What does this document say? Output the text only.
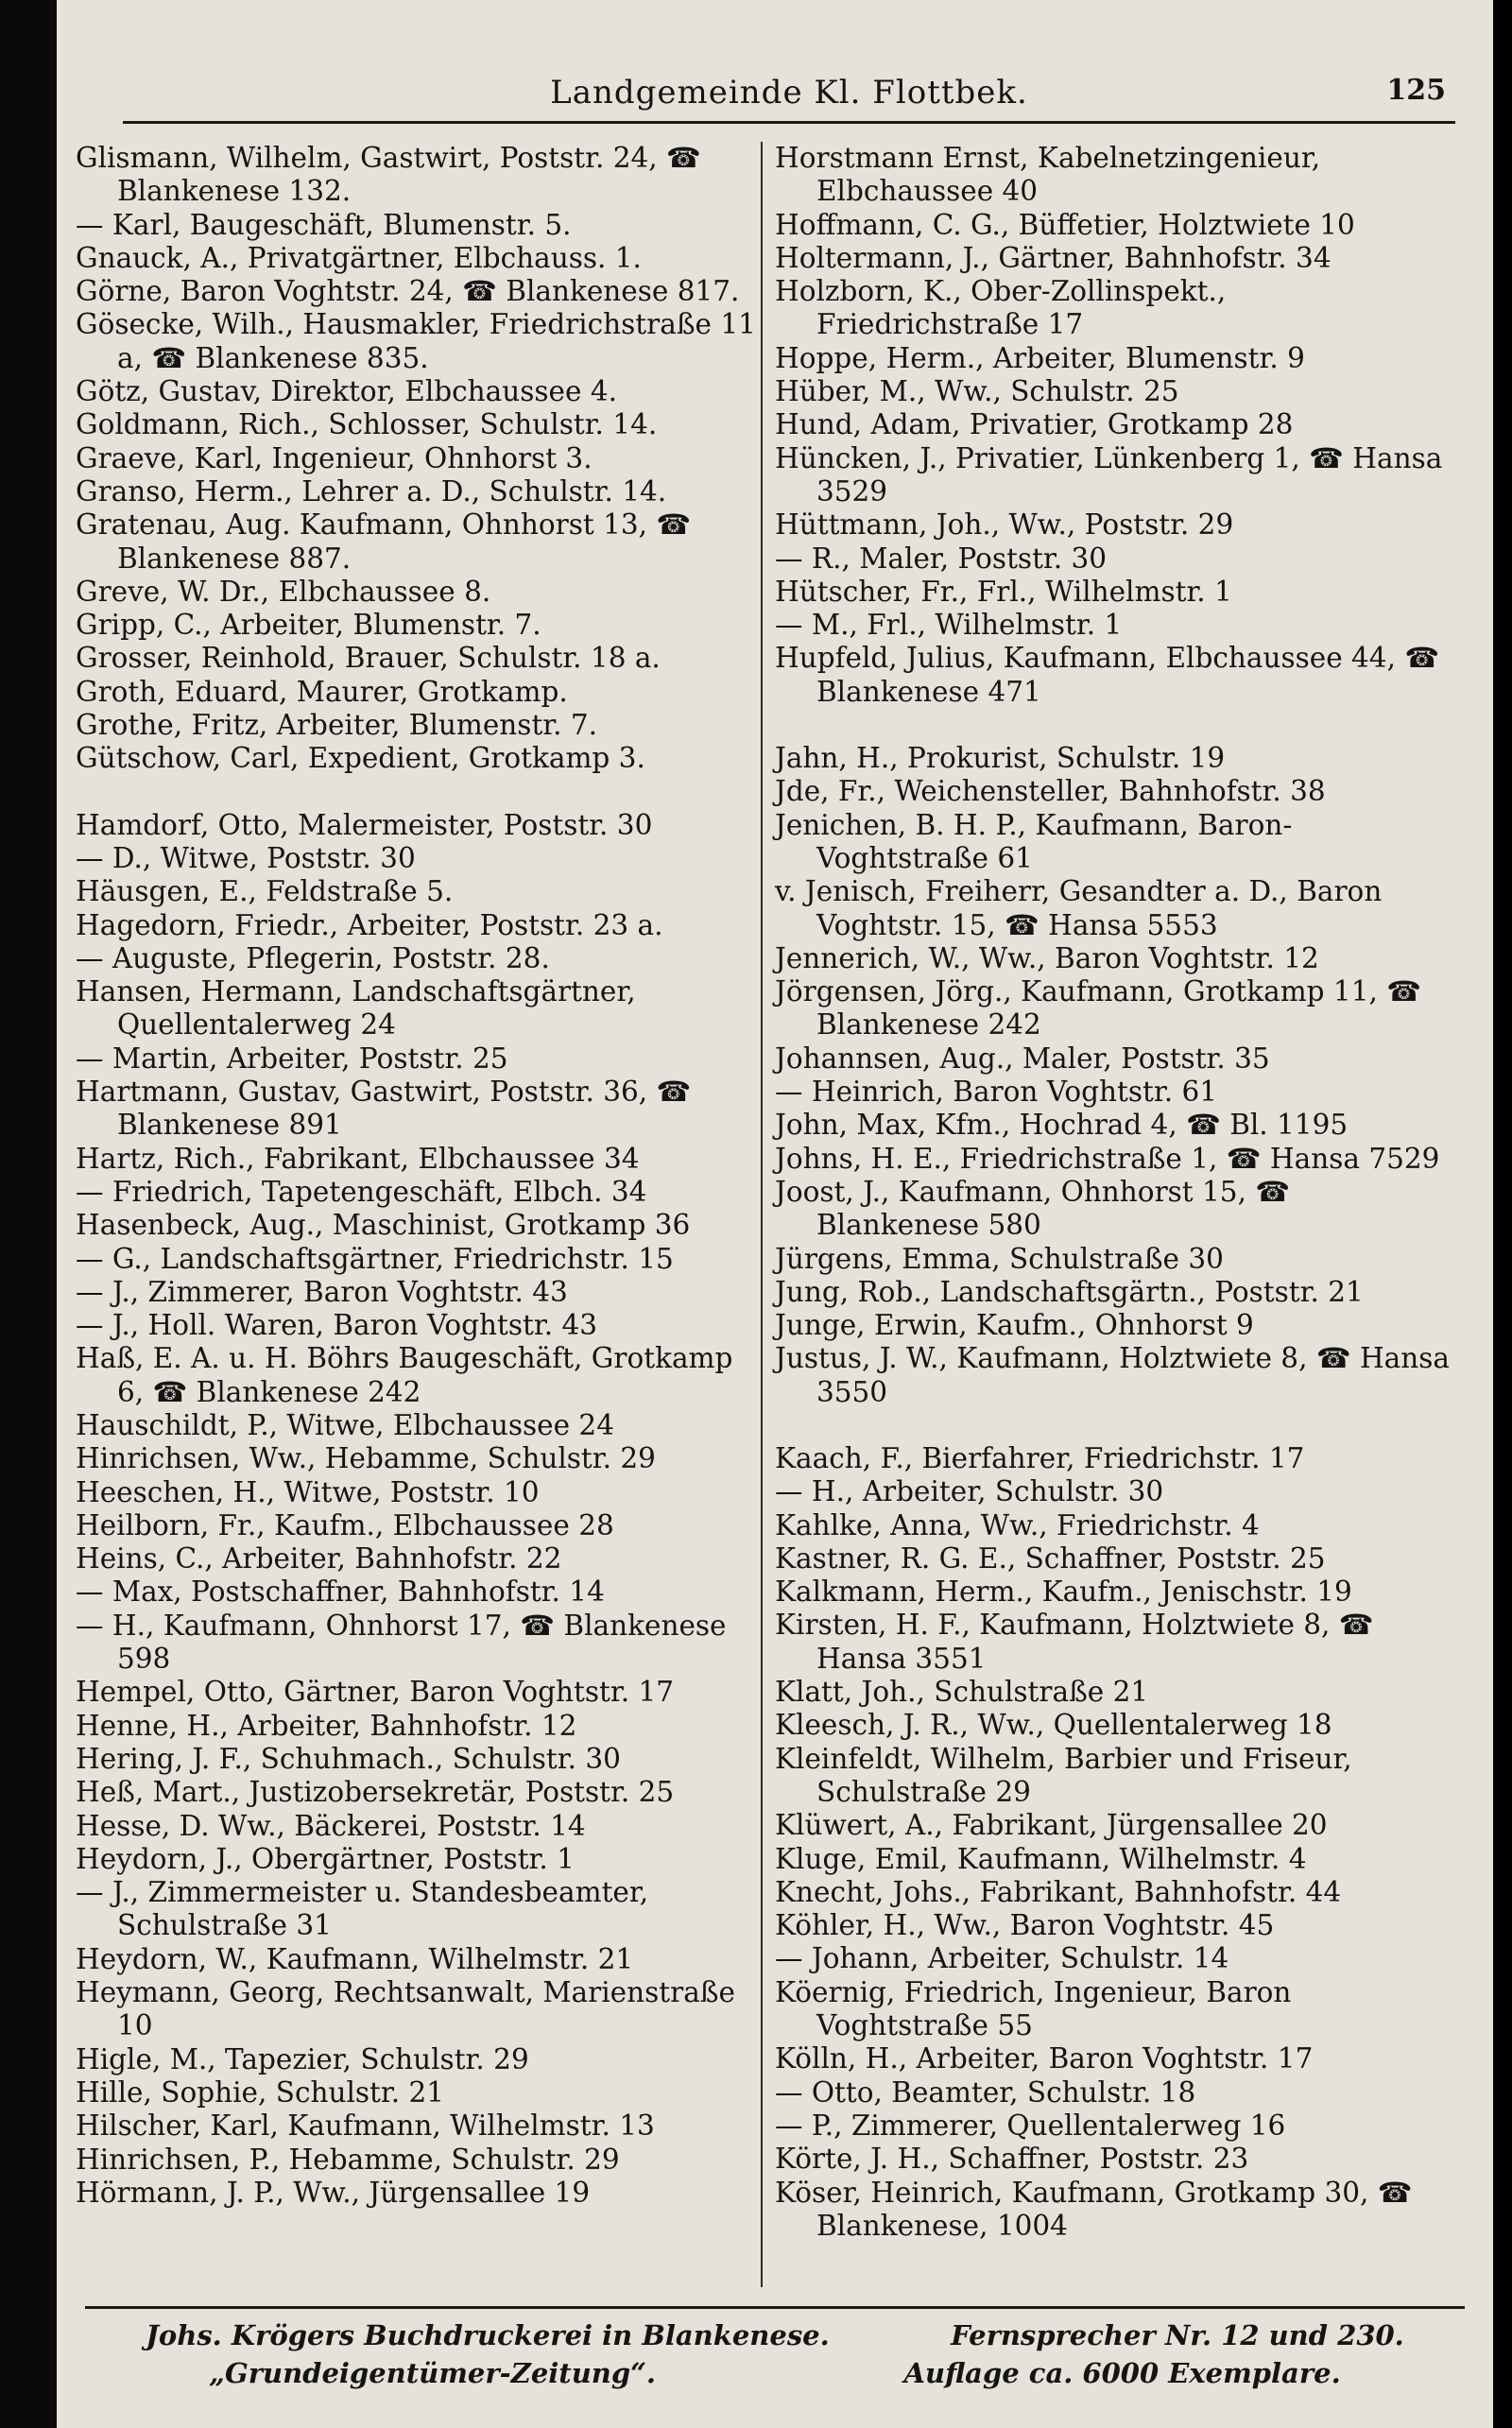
Landgemeinde Kl. Flottbek.	125
Glismann, Wilhelm, Gastwirt, Poststr. 24, ☎ Blankenese 132.
— Karl, Baugeschäft, Blumenstr. 5.
Gnauck, A., Privatgärtner, Elbchauss. 1.
Görne, Baron Voghtstr. 24, ☎ Blankenese 817.
Gösecke, Wilh., Hausmakler, Friedrichstraße 11 a, ☎ Blankenese 835.
Götz, Gustav, Direktor, Elbchaussee 4.
Goldmann, Rich., Schlosser, Schulstr. 14.
Graeve, Karl, Ingenieur, Ohnhorst 3.
Granso, Herm., Lehrer a. D., Schulstr. 14.
Gratenau, Aug. Kaufmann, Ohnhorst 13, ☎ Blankenese 887.
Greve, W. Dr., Elbchaussee 8.
Gripp, C., Arbeiter, Blumenstr. 7.
Grosser, Reinhold, Brauer, Schulstr. 18 a.
Groth, Eduard, Maurer, Grotkamp.
Grothe, Fritz, Arbeiter, Blumenstr. 7.
Gütschow, Carl, Expedient, Grotkamp 3.
Hamdorf, Otto, Malermeister, Poststr. 30
— D., Witwe, Poststr. 30
Häusgen, E., Feldstraße 5.
Hagedorn, Friedr., Arbeiter, Poststr. 23 a.
— Auguste, Pflegerin, Poststr. 28.
Hansen, Hermann, Landschaftsgärtner, Quellentalerweg 24
— Martin, Arbeiter, Poststr. 25
Hartmann, Gustav, Gastwirt, Poststr. 36, ☎ Blankenese 891
Hartz, Rich., Fabrikant, Elbchaussee 34
— Friedrich, Tapetengeschäft, Elbch. 34
Hasenbeck, Aug., Maschinist, Grotkamp 36
— G., Landschaftsgärtner, Friedrichstr. 15
— J., Zimmerer, Baron Voghtstr. 43
— J., Holl. Waren, Baron Voghtstr. 43
Haß, E. A. u. H. Böhrs Baugeschäft, Grotkamp 6, ☎ Blankenese 242
Hauschildt, P., Witwe, Elbchaussee 24
Hinrichsen, Ww., Hebamme, Schulstr. 29
Heeschen, H., Witwe, Poststr. 10
Heilborn, Fr., Kaufm., Elbchaussee 28
Heins, C., Arbeiter, Bahnhofstr. 22
— Max, Postschaffner, Bahnhofstr. 14
— H., Kaufmann, Ohnhorst 17, ☎ Blankenese 598
Hempel, Otto, Gärtner, Baron Voghtstr. 17
Henne, H., Arbeiter, Bahnhofstr. 12
Hering, J. F., Schuhmach., Schulstr. 30
Heß, Mart., Justizobersekretär, Poststr. 25
Hesse, D. Ww., Bäckerei, Poststr. 14
Heydorn, J., Obergärtner, Poststr. 1
— J., Zimmermeister u. Standesbeamter, Schulstraße 31
Heydorn, W., Kaufmann, Wilhelmstr. 21
Heymann, Georg, Rechtsanwalt, Marienstraße 10
Higle, M., Tapezier, Schulstr. 29
Hille, Sophie, Schulstr. 21
Hilscher, Karl, Kaufmann, Wilhelmstr. 13
Hinrichsen, P., Hebamme, Schulstr. 29
Hörmann, J. P., Ww., Jürgensallee 19
Horstmann Ernst, Kabelnetzingenieur, Elbchaussee 40
Hoffmann, C. G., Büffetier, Holztwiete 10
Holtermann, J., Gärtner, Bahnhofstr. 34
Holzborn, K., Ober-Zollinspekt., Friedrichstraße 17
Hoppe, Herm., Arbeiter, Blumenstr. 9
Hüber, M., Ww., Schulstr. 25
Hund, Adam, Privatier, Grotkamp 28
Hüncken, J., Privatier, Lünkenberg 1, ☎ Hansa 3529
Hüttmann, Joh., Ww., Poststr. 29
— R., Maler, Poststr. 30
Hütscher, Fr., Frl., Wilhelmstr. 1
— M., Frl., Wilhelmstr. 1
Hupfeld, Julius, Kaufmann, Elbchaussee 44, ☎ Blankenese 471
Jahn, H., Prokurist, Schulstr. 19
Jde, Fr., Weichensteller, Bahnhofstr. 38
Jenichen, B. H. P., Kaufmann, Baron-Voghtstraße 61
v. Jenisch, Freiherr, Gesandter a. D., Baron Voghtstr. 15, ☎ Hansa 5553
Jennerich, W., Ww., Baron Voghtstr. 12
Jörgensen, Jörg., Kaufmann, Grotkamp 11, ☎ Blankenese 242
Johannsen, Aug., Maler, Poststr. 35
— Heinrich, Baron Voghtstr. 61
John, Max, Kfm., Hochrad 4, ☎ Bl. 1195
Johns, H. E., Friedrichstraße 1, ☎ Hansa 7529
Joost, J., Kaufmann, Ohnhorst 15, ☎ Blankenese 580
Jürgens, Emma, Schulstraße 30
Jung, Rob., Landschaftsgärtn., Poststr. 21
Junge, Erwin, Kaufm., Ohnhorst 9
Justus, J. W., Kaufmann, Holztwiete 8, ☎ Hansa 3550
Kaach, F., Bierfahrer, Friedrichstr. 17
— H., Arbeiter, Schulstr. 30
Kahlke, Anna, Ww., Friedrichstr. 4
Kastner, R. G. E., Schaffner, Poststr. 25
Kalkmann, Herm., Kaufm., Jenischstr. 19
Kirsten, H. F., Kaufmann, Holztwiete 8, ☎ Hansa 3551
Klatt, Joh., Schulstraße 21
Kleesch, J. R., Ww., Quellentalerweg 18
Kleinfeldt, Wilhelm, Barbier und Friseur, Schulstraße 29
Klüwert, A., Fabrikant, Jürgensallee 20
Kluge, Emil, Kaufmann, Wilhelmstr. 4
Knecht, Johs., Fabrikant, Bahnhofstr. 44
Köhler, H., Ww., Baron Voghtstr. 45
— Johann, Arbeiter, Schulstr. 14
Köernig, Friedrich, Ingenieur, Baron Voghtstraße 55
Kölln, H., Arbeiter, Baron Voghtstr. 17
— Otto, Beamter, Schulstr. 18
— P., Zimmerer, Quellentalerweg 16
Körte, J. H., Schaffner, Poststr. 23
Köser, Heinrich, Kaufmann, Grotkamp 30, ☎ Blankenese, 1004
Johs. Krögers Buchdruckerei in Blankenese.	Fernsprecher Nr. 12 und 230.
„Grundeigentümer-Zeitung“.	Auflage ca. 6000 Exemplare.
